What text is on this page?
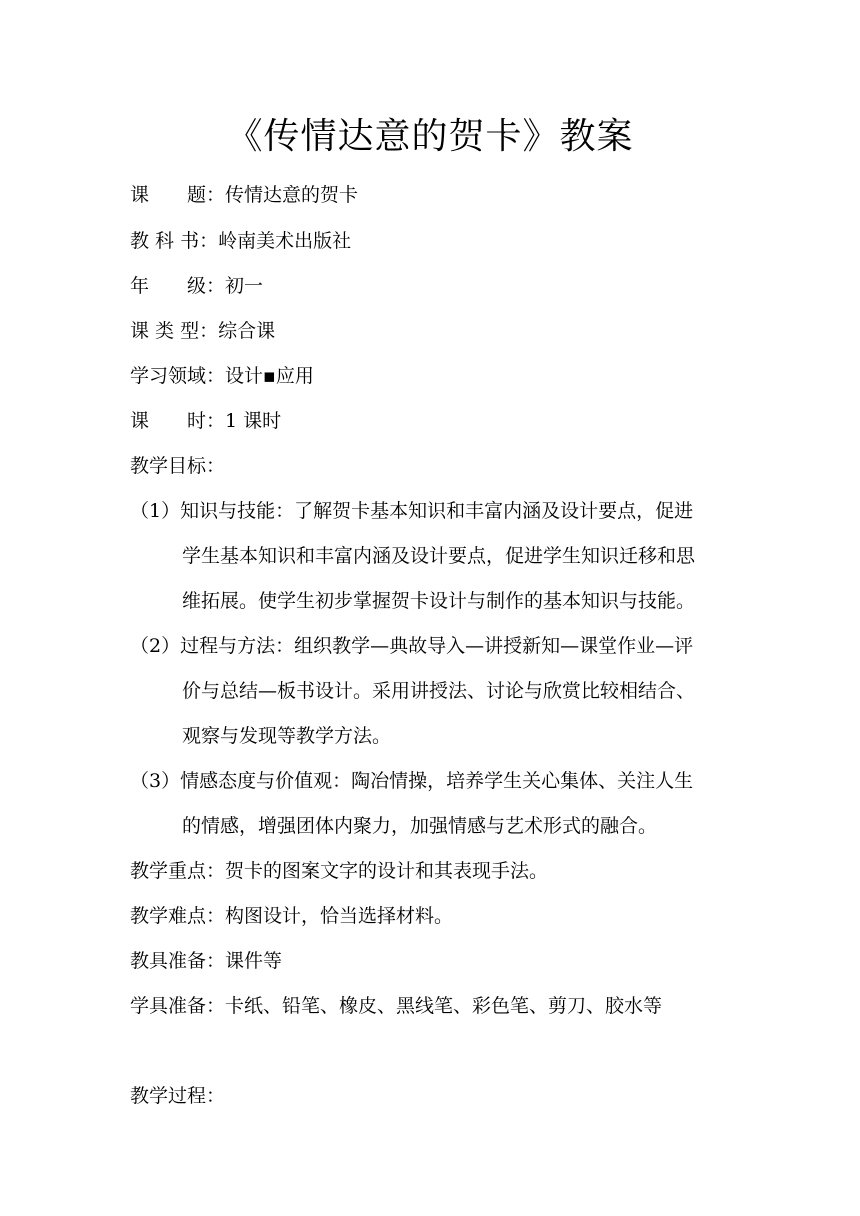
《传情达意的贺卡》教案
课　　题：传情达意的贺卡
教 科 书：岭南美术出版社
年　　级：初一
课 类 型：综合课
学习领域：设计▪应用
课　　时：1 课时
教学目标：
（1）知识与技能：了解贺卡基本知识和丰富内涵及设计要点，促进
学生基本知识和丰富内涵及设计要点，促进学生知识迁移和思
维拓展。使学生初步掌握贺卡设计与制作的基本知识与技能。
（2）过程与方法：组织教学—典故导入—讲授新知—课堂作业—评
价与总结—板书设计。采用讲授法、讨论与欣赏比较相结合、
观察与发现等教学方法。
（3）情感态度与价值观：陶冶情操，培养学生关心集体、关注人生
的情感，增强团体内聚力，加强情感与艺术形式的融合。
教学重点：贺卡的图案文字的设计和其表现手法。
教学难点：构图设计，恰当选择材料。
教具准备：课件等
学具准备：卡纸、铅笔、橡皮、黑线笔、彩色笔、剪刀、胶水等
教学过程：
